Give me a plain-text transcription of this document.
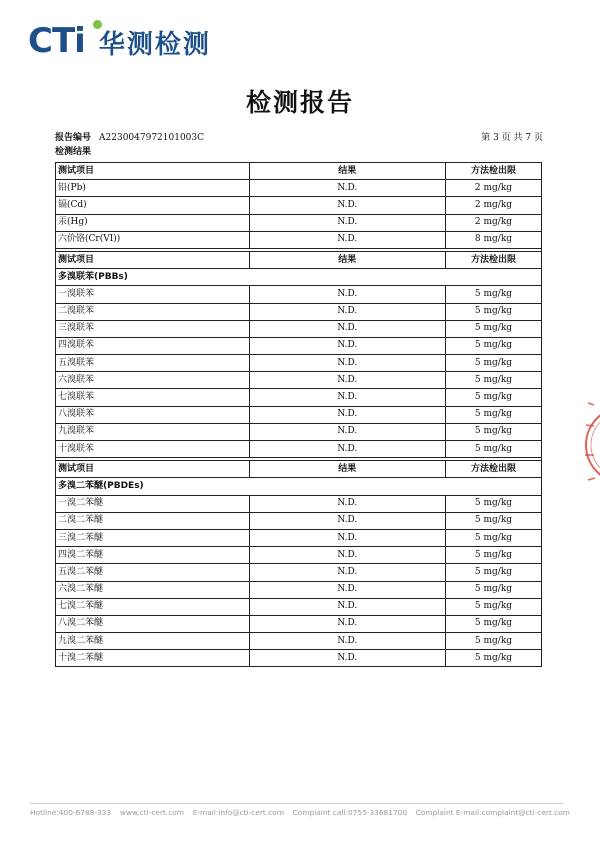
CTi 华测检测
检测报告
报告编号 A2230047972101003C	第 3 页 共 7 页
检测结果
测试项目	结果	方法检出限
铅(Pb)	N.D.	2 mg/kg
镉(Cd)	N.D.	2 mg/kg
汞(Hg)	N.D.	2 mg/kg
六价铬(Cr(VI))	N.D.	8 mg/kg

测试项目	结果	方法检出限
多溴联苯(PBBs)		
一溴联苯	N.D.	5 mg/kg
二溴联苯	N.D.	5 mg/kg
三溴联苯	N.D.	5 mg/kg
四溴联苯	N.D.	5 mg/kg
五溴联苯	N.D.	5 mg/kg
六溴联苯	N.D.	5 mg/kg
七溴联苯	N.D.	5 mg/kg
八溴联苯	N.D.	5 mg/kg
九溴联苯	N.D.	5 mg/kg
十溴联苯	N.D.	5 mg/kg

测试项目	结果	方法检出限
多溴二苯醚(PBDEs)		
一溴二苯醚	N.D.	5 mg/kg
二溴二苯醚	N.D.	5 mg/kg
三溴二苯醚	N.D.	5 mg/kg
四溴二苯醚	N.D.	5 mg/kg
五溴二苯醚	N.D.	5 mg/kg
六溴二苯醚	N.D.	5 mg/kg
七溴二苯醚	N.D.	5 mg/kg
八溴二苯醚	N.D.	5 mg/kg
九溴二苯醚	N.D.	5 mg/kg
十溴二苯醚	N.D.	5 mg/kg
Hotline:400-6788-333 www.cti-cert.com E-mail:info@cti-cert.com Complaint call:0755-33681700 Complaint E-mail:complaint@cti-cert.com
